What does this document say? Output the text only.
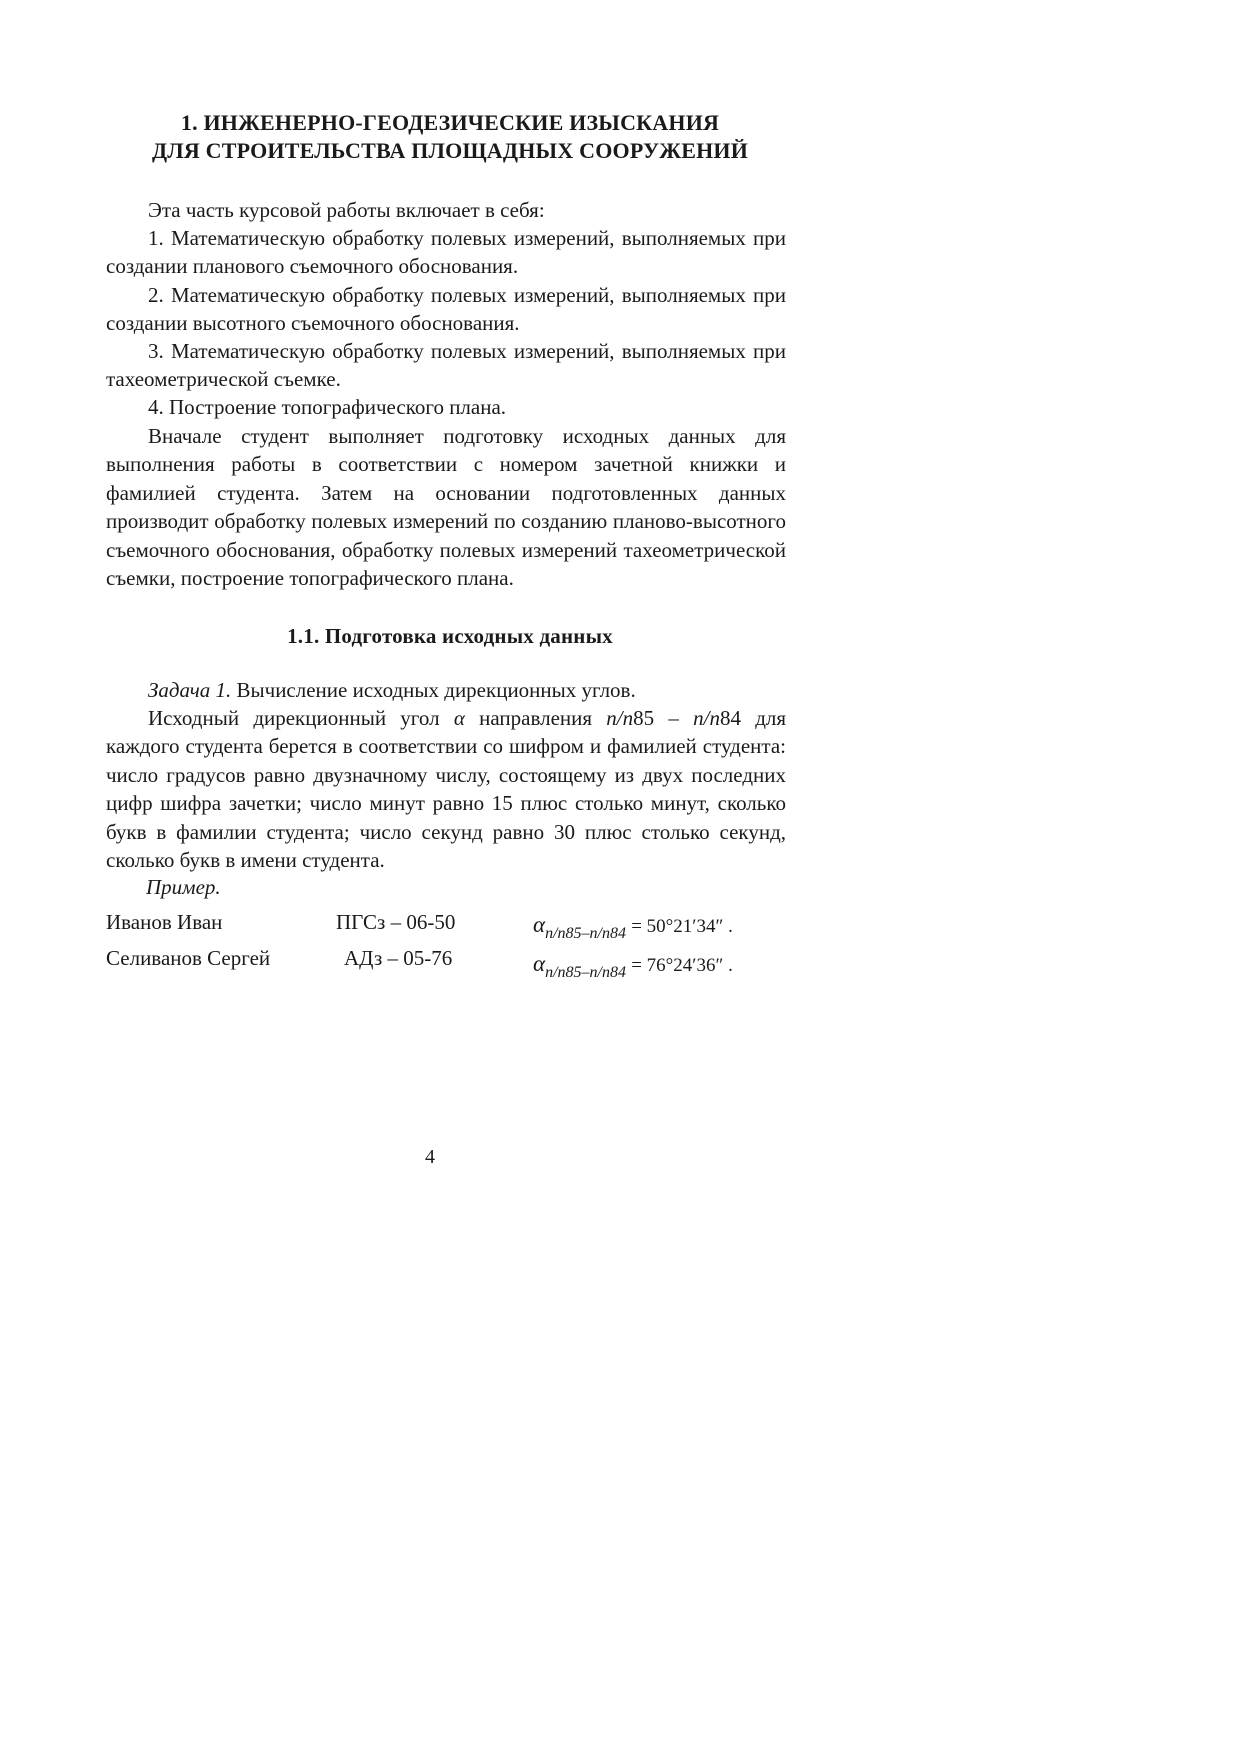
1. ИНЖЕНЕРНО-ГЕОДЕЗИЧЕСКИЕ ИЗЫСКАНИЯ
ДЛЯ СТРОИТЕЛЬСТВА ПЛОЩАДНЫХ СООРУЖЕНИЙ

Эта часть курсовой работы включает в себя:

1. Математическую обработку полевых измерений, выполняемых при создании планового съемочного обоснования.

2. Математическую обработку полевых измерений, выполняемых при создании высотного съемочного обоснования.

3. Математическую обработку полевых измерений, выполняемых при тахеометрической съемке.

4. Построение топографического плана.

Вначале студент выполняет подготовку исходных данных для выполнения работы в соответствии с номером зачетной книжки и фамилией студента. Затем на основании подготовленных данных производит обработку полевых измерений по созданию планово-высотного съемочного обоснования, обработку полевых измерений тахеометрической съемки, построение топографического плана.

1.1. Подготовка исходных данных

Задача 1. Вычисление исходных дирекционных углов.

Исходный дирекционный угол α направления n/n85 – n/n84 для каждого студента берется в соответствии со шифром и фамилией студента: число градусов равно двузначному числу, состоящему из двух последних цифр шифра зачетки; число минут равно 15 плюс столько минут, сколько букв в фамилии студента; число секунд равно 30 плюс столько секунд, сколько букв в имени студента.

Пример.

Иванов Иван	ПГСз – 06-50	$\alpha_{n/n85-n/n84} = 50^\circ 21'34''$ .
Селиванов Сергей	АДз – 05-76	$\alpha_{n/n85-n/n84} = 76^\circ 24'36''$ .
4
